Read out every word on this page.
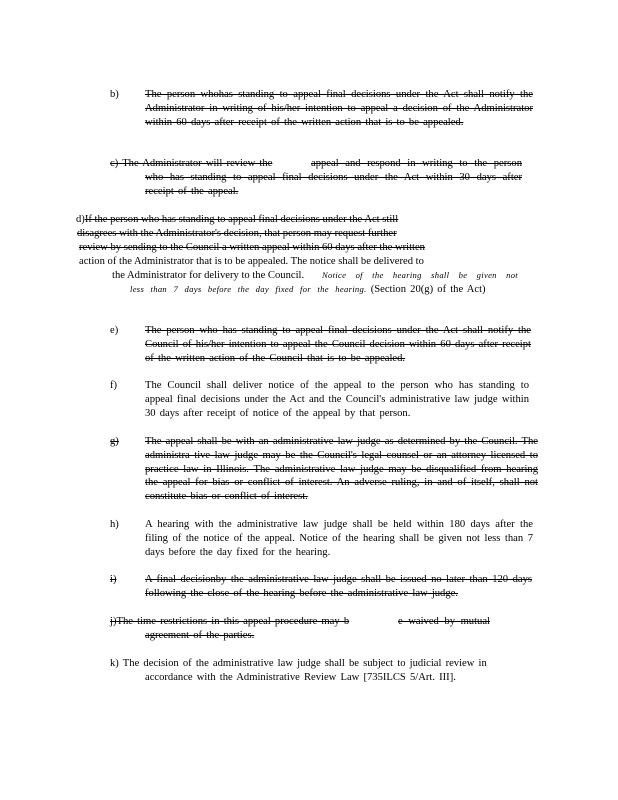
b) The person whohas standing to appeal final decisions under the Act shall notify the Administrator in writing of his/her intention to appeal a decision of the Administrator within 60 days after receipt of the written action that is to be appealed.
c) The Administrator will review the	appeal and respond in writing to the person who has standing to appeal final decisions under the Act within 30 days after receipt of the appeal.
d)If the person who has standing to appeal final decisions under the Act still
disagrees with the Administrator's decision, that person may request further
review by sending to the Council a written appeal within 60 days after the written
action of the Administrator that is to be appealed. The notice shall be delivered to
the Administrator for delivery to the Council.	Notice of the hearing shall be given not less than 7 days before the day fixed for the hearing. (Section 20(g) of the Act)
e)	The person who has standing to appeal final decisions under the Act shall notify the Council of his/her intention to appeal the Council decision within 60 days after receipt of the written action of the Council that is to be appealed.
f)	The Council shall deliver notice of the appeal to the person who has standing to appeal final decisions under the Act and the Council's administrative law judge within 30 days after receipt of notice of the appeal by that person.
g) The appeal shall be with an administrative law judge as determined by the Council. The administra tive law judge may be the Council's legal counsel or an attorney licensed to practice law in Illinois. The administrative law judge may be disqualified from hearing the appeal for bias or conflict of interest. An adverse ruling, in and of itself, shall not constitute bias or conflict of interest.
h) A hearing with the administrative law judge shall be held within 180 days after the filing of the notice of the appeal. Notice of the hearing shall be given not less than 7 days before the day fixed for the hearing.
i)	A final decisionby the administrative law judge shall be issued no later than 120 days following the close of the hearing before the administrative law judge.
j)The time restrictions in this appeal procedure may b	e waived by mutual agreement of the parties.
k) The decision of the administrative law judge shall be subject to judicial review in
accordance with the Administrative Review Law [735ILCS 5/Art. III].
